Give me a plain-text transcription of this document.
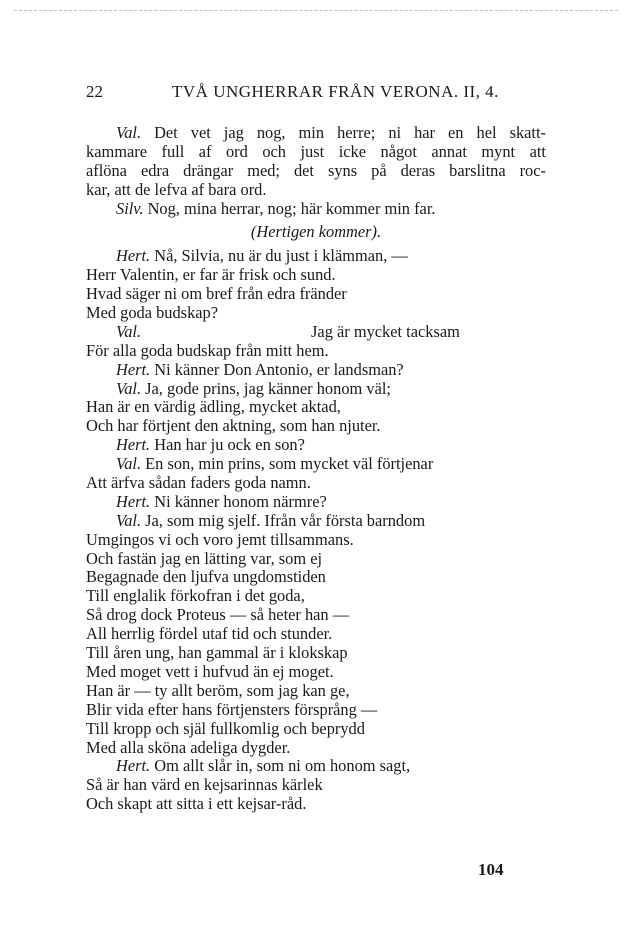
22	TVÅ UNGHERRAR FRÅN VERONA. II, 4.
Val. Det vet jag nog, min herre; ni har en hel skatt-
kammare full af ord och just icke något annat mynt att
aflöna edra drängar med; det syns på deras barslitna roc-
kar, att de lefva af bara ord.
Silv. Nog, mina herrar, nog; här kommer min far.
(Hertigen kommer).
Hert. Nå, Silvia, nu är du just i klämman, —
Herr Valentin, er far är frisk och sund.
Hvad säger ni om bref från edra fränder
Med goda budskap?
Val.	Jag är mycket tacksam
För alla goda budskap från mitt hem.
Hert. Ni känner Don Antonio, er landsman?
Val. Ja, gode prins, jag känner honom väl;
Han är en värdig ädling, mycket aktad,
Och har förtjent den aktning, som han njuter.
Hert. Han har ju ock en son?
Val. En son, min prins, som mycket väl förtjenar
Att ärfva sådan faders goda namn.
Hert. Ni känner honom närmre?
Val. Ja, som mig sjelf. Ifrån vår första barndom
Umgingos vi och voro jemt tillsammans.
Och fastän jag en lätting var, som ej
Begagnade den ljufva ungdomstiden
Till englalik förkofran i det goda,
Så drog dock Proteus — så heter han —
All herrlig fördel utaf tid och stunder.
Till åren ung, han gammal är i klokskap
Med moget vett i hufvud än ej moget.
Han är — ty allt beröm, som jag kan ge,
Blir vida efter hans förtjensters försprång —
Till kropp och själ fullkomlig och beprydd
Med alla sköna adeliga dygder.
Hert. Om allt slår in, som ni om honom sagt,
Så är han värd en kejsarinnas kärlek
Och skapt att sitta i ett kejsar-råd.
104
